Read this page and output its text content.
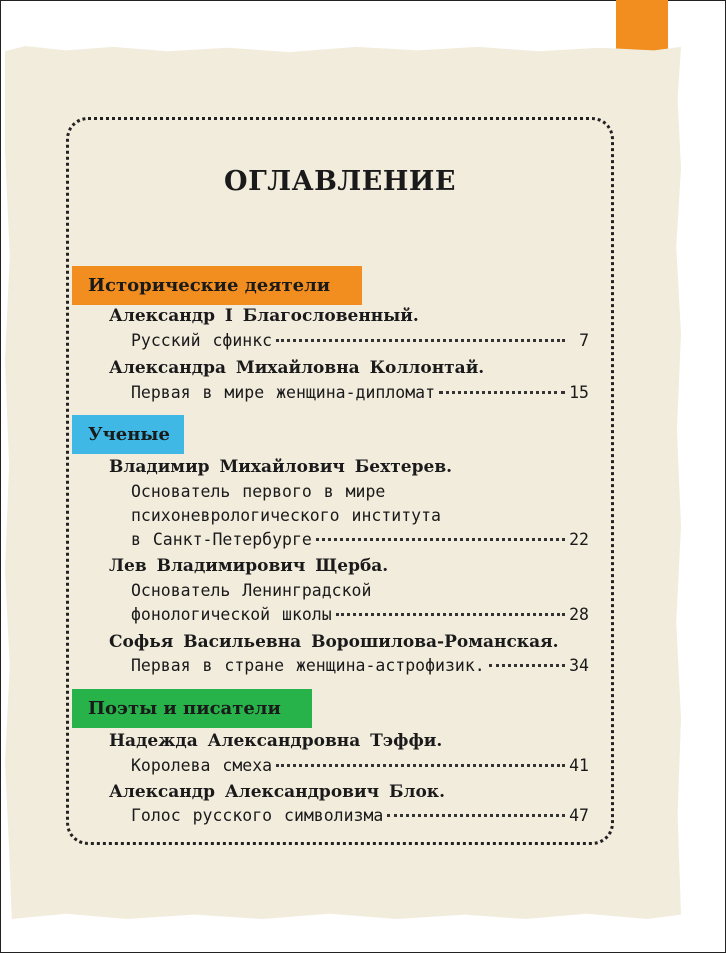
ОГЛАВЛЕНИЕ
Исторические деятели
Александр I Благословенный.
Русский сфинкс	7
Александра Михайловна Коллонтай.
Первая в мире женщина-дипломат	15
Ученые
Владимир Михайлович Бехтерев.
Основатель первого в мире
психоневрологического института
в Санкт-Петербурге	22
Лев Владимирович Щерба.
Основатель Ленинградской
фонологической школы	28
Софья Васильевна Ворошилова-Романская.
Первая в стране женщина-астрофизик.	34
Поэты и писатели
Надежда Александровна Тэффи.
Королева смеха	41
Александр Александрович Блок.
Голос русского символизма	47
